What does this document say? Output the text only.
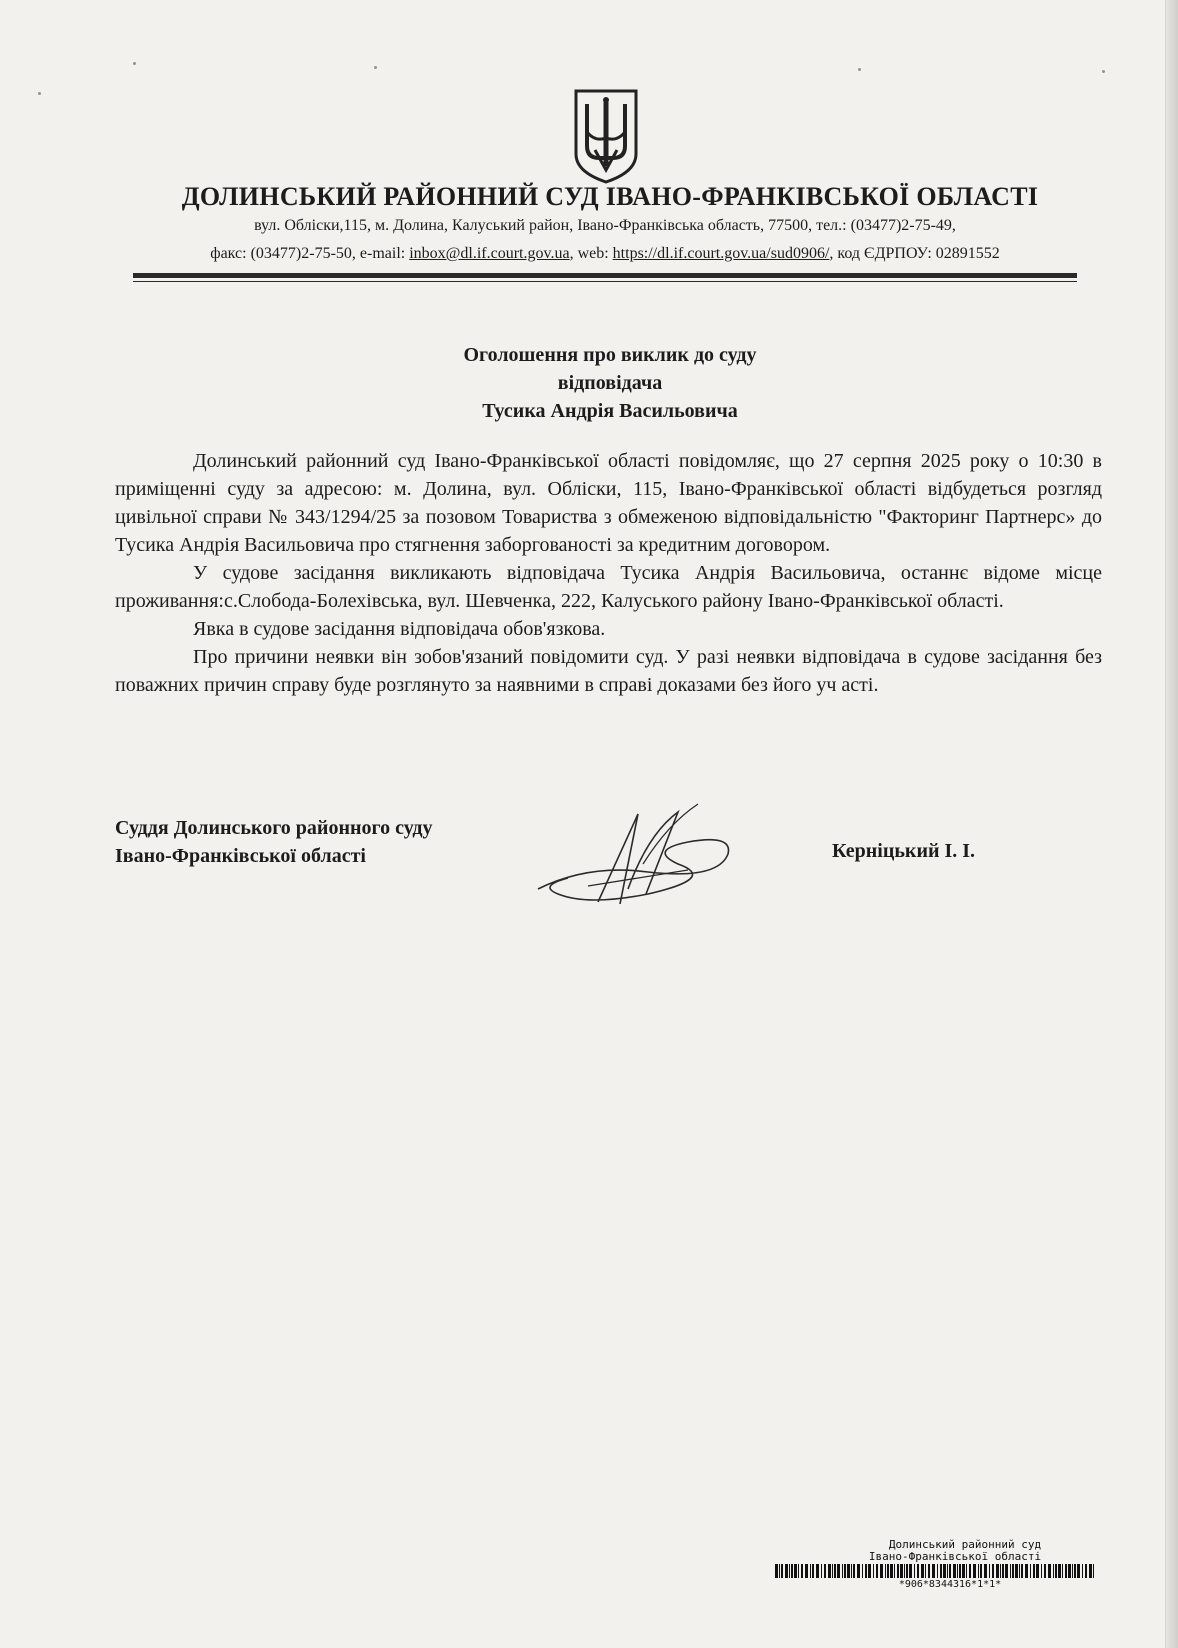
ДОЛИНСЬКИЙ РАЙОННИЙ СУД ІВАНО-ФРАНКІВСЬКОЇ ОБЛАСТІ
вул. Обліски,115, м. Долина, Калуський район, Івано-Франківська область, 77500, тел.: (03477)2-75-49,
факс: (03477)2-75-50, e-mail: inbox@dl.if.court.gov.ua, web: https://dl.if.court.gov.ua/sud0906/, код ЄДРПОУ: 02891552
Оголошення про виклик до суду
відповідача
Тусика Андрія Васильовича

Долинський районний суд Івано-Франківської області повідомляє, що 27 серпня 2025 року о 10:30 в приміщенні суду за адресою: м. Долина, вул. Обліски, 115, Івано-Франківської області відбудеться розгляд цивільної справи № 343/1294/25 за позовом Товариства з обмеженою відповідальністю "Факторинг Партнерс» до Тусика Андрія Васильовича про стягнення заборгованості за кредитним договором.

У судове засідання викликають відповідача Тусика Андрія Васильовича, останнє відоме місце проживання:с.Слобода-Болехівська, вул. Шевченка, 222, Калуського району Івано-Франківської області.

Явка в судове засідання відповідача обов'язкова.

Про причини неявки він зобов'язаний повідомити суд. У разі неявки відповідача в судове засідання без поважних причин справу буде розглянуто за наявними в справі доказами без його уч асті.

Суддя Долинського районного суду
Івано-Франківської області	Керніцький І. І.
Долинський районний суд
Івано-Франківської області
*906*8344316*1*1*
